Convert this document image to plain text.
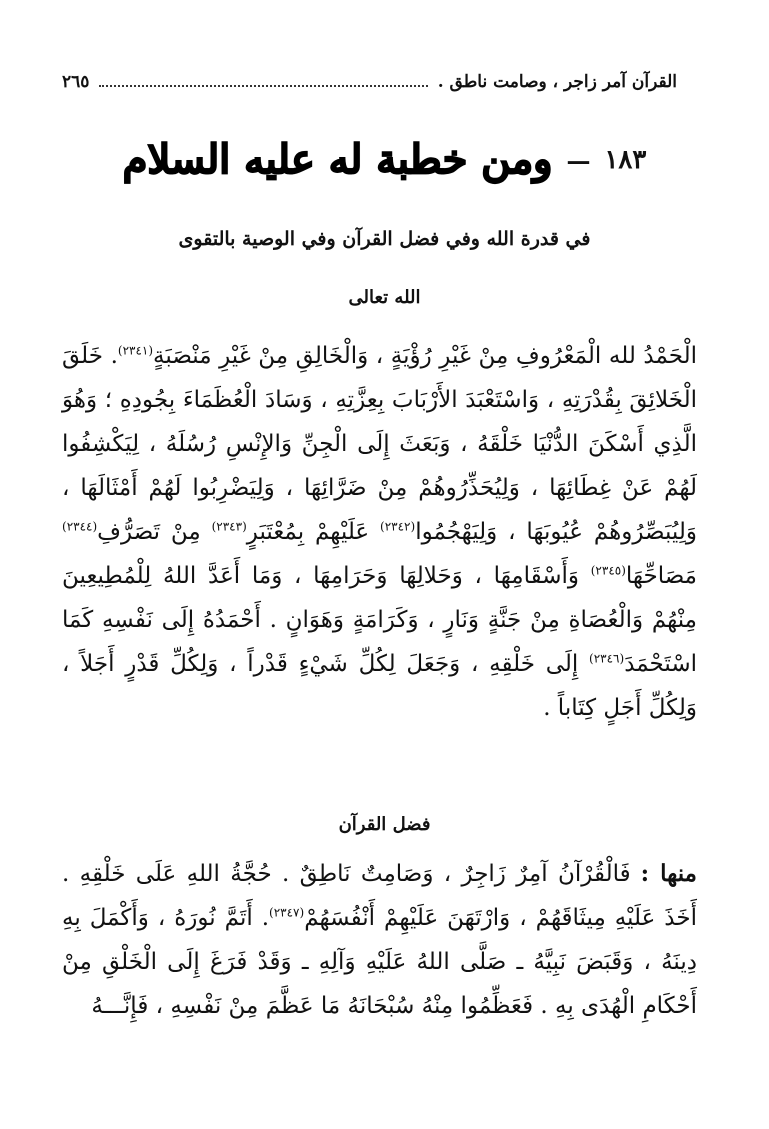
القرآن آمر زاجر ، وصامت ناطق .
٢٦٥
١٨٣
—
ومن خطبة له عليه السلام
في قدرة الله وفي فضل القرآن وفي الوصية بالتقوى
الله تعالى

الْحَمْدُ لله الْمَعْرُوفِ مِنْ غَيْرِ رُؤْيَةٍ ، وَالْخَالِقِ مِنْ غَيْرِ مَنْصَبَةٍ$^{(٢٣٤١)}$. خَلَقَ الْخَلائِقَ بِقُدْرَتِهِ ، وَاسْتَعْبَدَ الأَرْبَابَ بِعِزَّتِهِ ، وَسَادَ الْعُظَمَاءَ بِجُودِهِ ؛ وَهُوَ الَّذِي أَسْكَنَ الدُّنْيَا خَلْقَهُ ، وَبَعَثَ إِلَى الْجِنِّ وَالإِنْسِ رُسُلَهُ ، لِيَكْشِفُوا لَهُمْ عَنْ غِطَائِهَا ، وَلِيُحَذِّرُوهُمْ مِنْ ضَرَّائِهَا ، وَلِيَضْرِبُوا لَهُمْ أَمْثَالَهَا ، وَلِيُبَصِّرُوهُمْ عُيُوبَهَا ، وَلِيَهْجُمُوا$^{(٢٣٤٢)}$ عَلَيْهِمْ بِمُعْتَبَرٍ$^{(٢٣٤٣)}$ مِنْ تَصَرُّفِ$^{(٢٣٤٤)}$ مَصَاحِّهَا$^{(٢٣٤٥)}$ وَأَسْقَامِهَا ، وَحَلالِهَا وَحَرَامِهَا ، وَمَا أَعَدَّ اللهُ لِلْمُطِيعِينَ مِنْهُمْ وَالْعُصَاةِ مِنْ جَنَّةٍ وَنَارٍ ، وَكَرَامَةٍ وَهَوَانٍ . أَحْمَدُهُ إِلَى نَفْسِهِ كَمَا اسْتَحْمَدَ$^{(٢٣٤٦)}$ إِلَى خَلْقِهِ ، وَجَعَلَ لِكُلِّ شَيْءٍ قَدْراً ، وَلِكُلِّ قَدْرٍ أَجَلاً ، وَلِكُلِّ أَجَلٍ كِتَاباً .

فضل القرآن

منها :فَالْقُرْآنُ آمِرٌ زَاجِرٌ ، وَصَامِتٌ نَاطِقٌ . حُجَّةُ اللهِ عَلَى خَلْقِهِ . أَخَذَ عَلَيْهِ مِيثَاقَهُمْ ، وَارْتَهَنَ عَلَيْهِمْ أَنْفُسَهُمْ$^{(٢٣٤٧)}$. أَتَمَّ نُورَهُ ، وَأَكْمَلَ بِهِ دِينَهُ ، وَقَبَضَ نَبِيَّهُ ـ صَلَّى اللهُ عَلَيْهِ وَآلِهِ ـ وَقَدْ فَرَغَ إِلَى الْخَلْقِ مِنْ أَحْكَامِ الْهُدَى بِهِ . فَعَظِّمُوا مِنْهُ سُبْحَانَهُ مَا عَظَّمَ مِنْ نَفْسِهِ ، فَإِنَّـــهُ
